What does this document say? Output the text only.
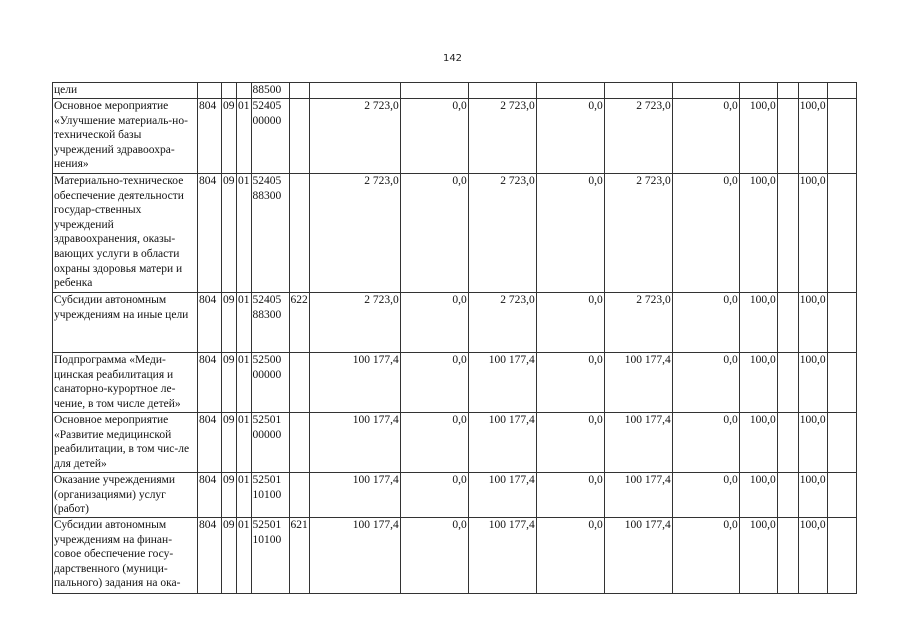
142
цели				88500											
Основное мероприятие «Улучшение материаль-но-технической базы учреждений здравоохра-нения»	804	09	01	52405 00000		2 723,0	0,0	2 723,0	0,0	2 723,0	0,0	100,0		100,0	
Материально-техническое обеспечение деятельности государ-ственных учреждений здравоохранения, оказы-вающих услуги в области охраны здоровья матери и ребенка	804	09	01	52405 88300		2 723,0	0,0	2 723,0	0,0	2 723,0	0,0	100,0		100,0	
Субсидии автономным учреждениям на иные цели	804	09	01	52405 88300	622	2 723,0	0,0	2 723,0	0,0	2 723,0	0,0	100,0		100,0	
Подпрограмма «Меди-цинская реабилитация и санаторно-курортное ле-чение, в том числе детей»	804	09	01	52500 00000		100 177,4	0,0	100 177,4	0,0	100 177,4	0,0	100,0		100,0	
Основное мероприятие «Развитие медицинской реабилитации, в том чис-ле для детей»	804	09	01	52501 00000		100 177,4	0,0	100 177,4	0,0	100 177,4	0,0	100,0		100,0	
Оказание учреждениями (организациями) услуг (работ)	804	09	01	52501 10100		100 177,4	0,0	100 177,4	0,0	100 177,4	0,0	100,0		100,0	
Субсидии автономным учреждениям на финан-совое обеспечение госу-дарственного (муници-пального) задания на ока-	804	09	01	52501 10100	621	100 177,4	0,0	100 177,4	0,0	100 177,4	0,0	100,0		100,0	
